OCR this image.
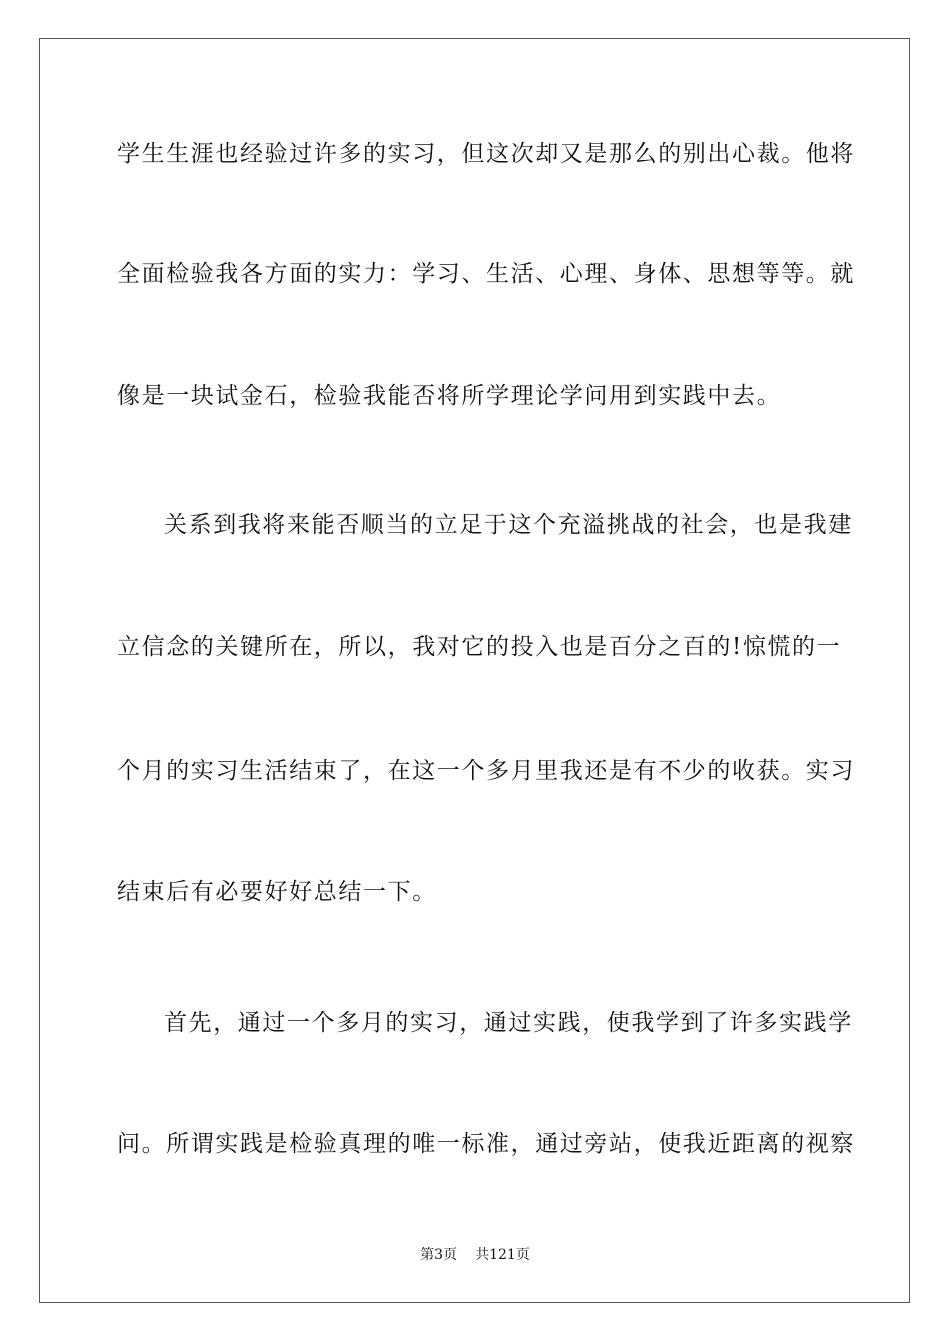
学生生涯也经验过许多的实习，但这次却又是那么的别出心裁。他将
全面检验我各方面的实力：学习、生活、心理、身体、思想等等。就
像是一块试金石，检验我能否将所学理论学问用到实践中去。
关系到我将来能否顺当的立足于这个充溢挑战的社会，也是我建
立信念的关键所在，所以，我对它的投入也是百分之百的!惊慌的一
个月的实习生活结束了，在这一个多月里我还是有不少的收获。实习
结束后有必要好好总结一下。
首先，通过一个多月的实习，通过实践，使我学到了许多实践学
问。所谓实践是检验真理的唯一标准，通过旁站，使我近距离的视察
第3页 共121页
